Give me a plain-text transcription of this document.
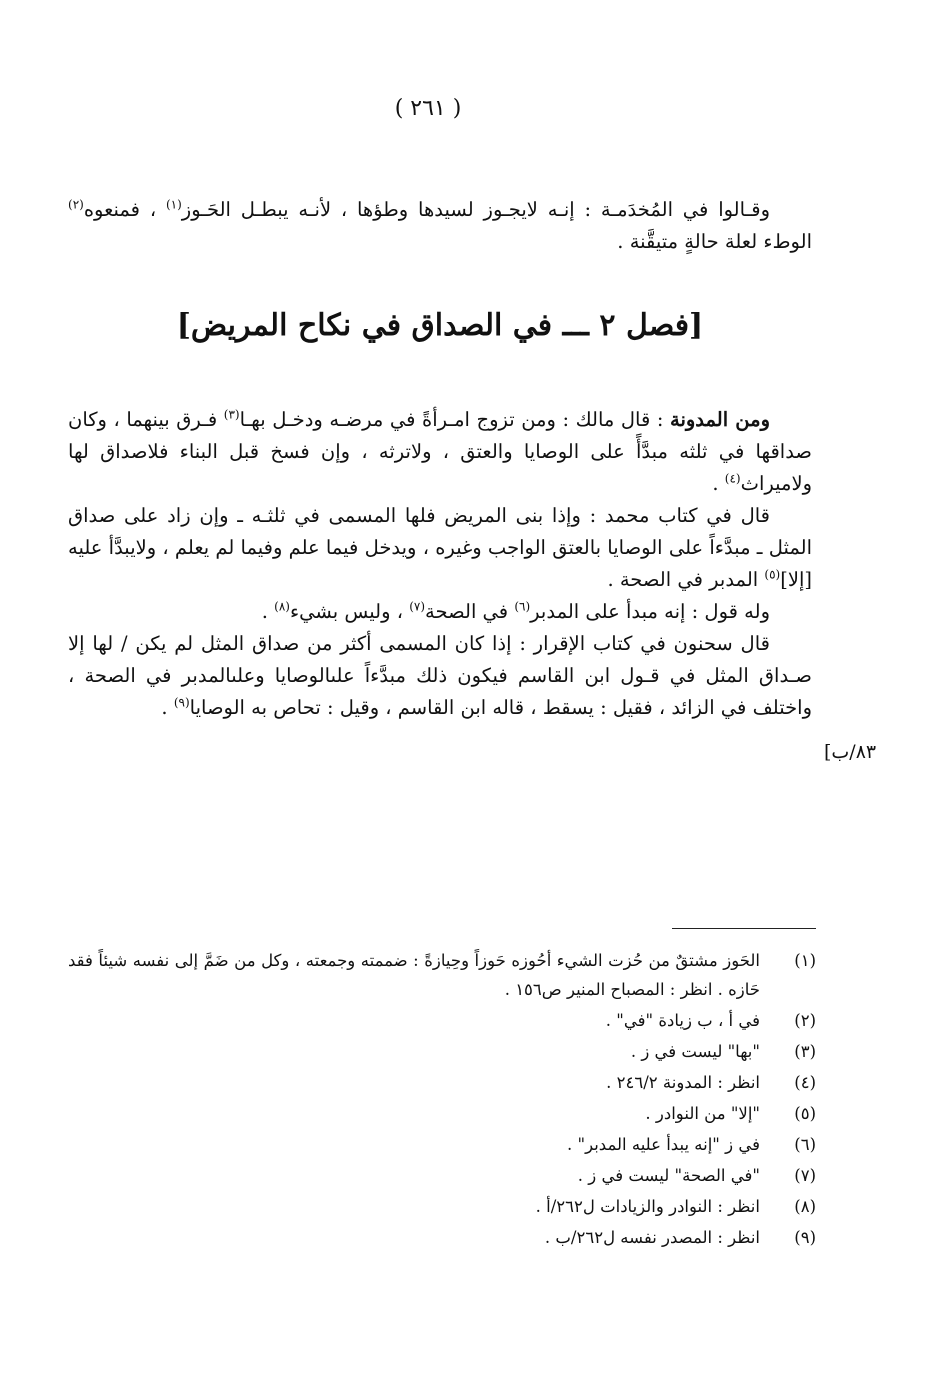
( ٢٦١ )

وقـالوا في المُخدَمـة : إنـه لايجـوز لسيدها وطؤها ، لأنـه يبطـل الحَـوز$^{(١)}$ ، فمنعوه$^{(٢)}$ الوطء لعلة حالةٍ متيقَّنة .

[فصل ٢ ـــ في الصداق في نكاح المريض]

ومن المدونة : قال مالك : ومن تزوج امـرأةً في مرضـه ودخـل بهـا$^{(٣)}$ فـرق بينهما ، وكان صداقها في ثلثه مبدَّأً على الوصايا والعتق ، ولاترثه ، وإن فسخ قبل البناء فلاصداق لها ولاميراث$^{(٤)}$ .

قال في كتاب محمد : وإذا بنى المريض فلها المسمى في ثلثـه ـ وإن زاد على صداق المثل ـ مبدَّءاً على الوصايا بالعتق الواجب وغيره ، ويدخل فيما علم وفيما لم يعلم ، ولايبدَّأ عليه [إلا]$^{(٥)}$ المدبر في الصحة .

وله قول : إنه مبدأ على المدبر$^{(٦)}$ في الصحة$^{(٧)}$ ، وليس بشيء$^{(٨)}$ .

قال سحنون في كتاب الإقرار : إذا كان المسمى أكثر من صداق المثل لم يكن / لها إلا صـداق المثل في قـول ابن القاسم فيكون ذلك مبدَّءاً علىالوصايا وعلىالمدبر في الصحة ، واختلف في الزائد ، فقيل : يسقط ، قاله ابن القاسم ، وقيل : تحاص به الوصايا$^{(٩)}$ .

[٨٣/ب
(١)
الحَوز مشتقٌ من حُزت الشيء أحُوزه حَوزاً وحِيازةً : ضممته وجمعته ، وكل من ضَمَّ إلى نفسه شيئاً فقد حَازه . انظر : المصباح المنير ص١٥٦ .
(٢)
في أ ، ب زيادة "في" .
(٣)
"بها" ليست في ز .
(٤)
انظر : المدونة ٢٤٦/٢ .
(٥)
"إلا" من النوادر .
(٦)
في ز "إنه يبدأ عليه المدبر" .
(٧)
"في الصحة" ليست في ز .
(٨)
انظر : النوادر والزيادات ل٢٦٢/أ .
(٩)
انظر : المصدر نفسه ل٢٦٢/ب .
